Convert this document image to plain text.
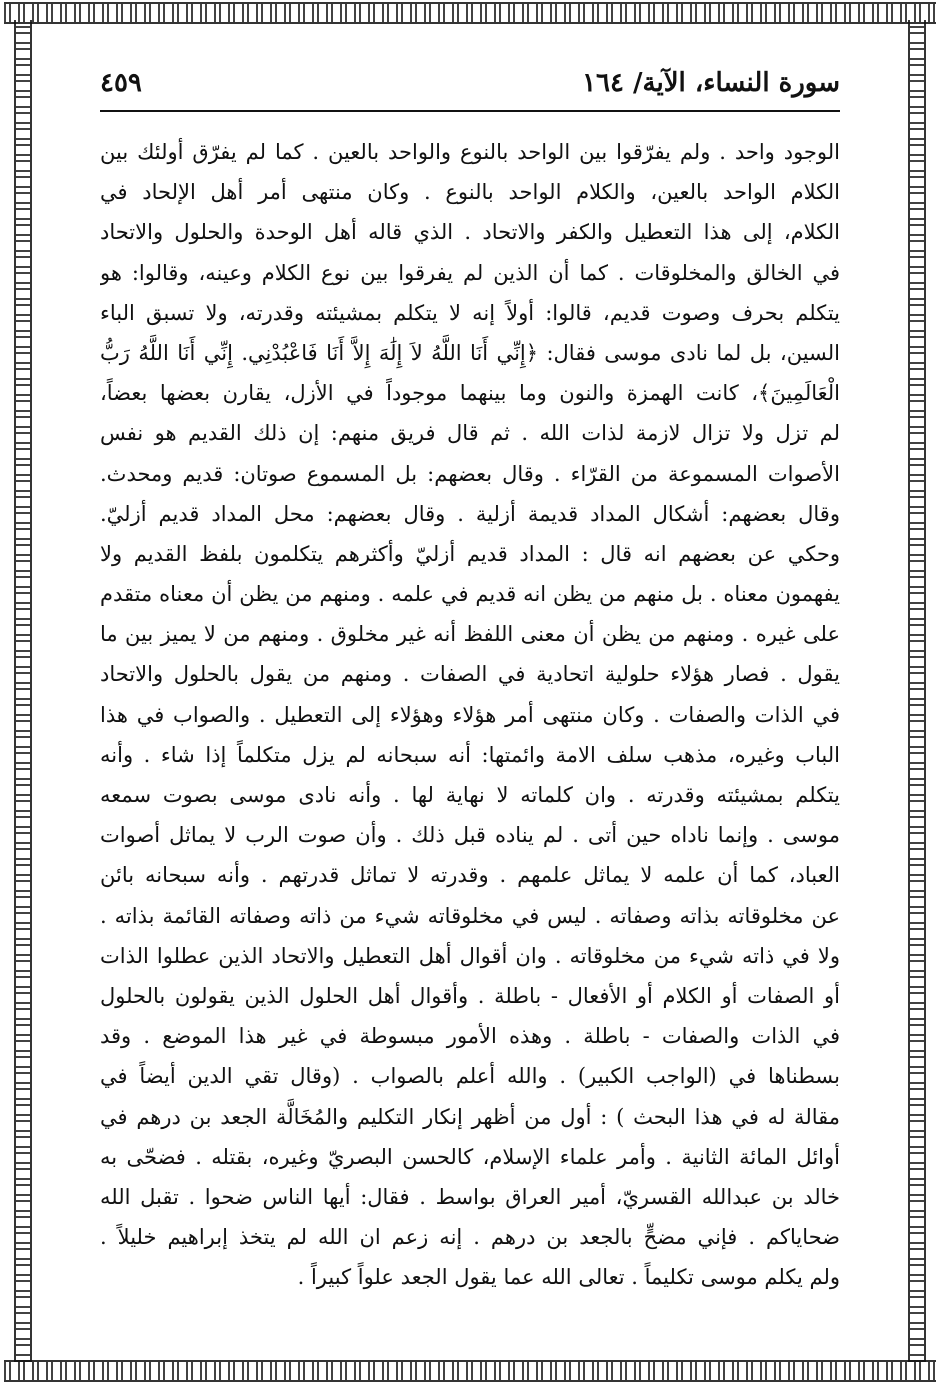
سورة النساء، الآية/ ١٦٤
٤٥٩
الوجود واحد . ولم يفرّقوا بين الواحد بالنوع والواحد بالعين . كما لم يفرّق أولئك بين
الكلام الواحد بالعين، والكلام الواحد بالنوع . وكان منتهى أمر أهل الإلحاد في
الكلام، إلى هذا التعطيل والكفر والاتحاد . الذي قاله أهل الوحدة والحلول والاتحاد
في الخالق والمخلوقات . كما أن الذين لم يفرقوا بين نوع الكلام وعينه، وقالوا: هو
يتكلم بحرف وصوت قديم، قالوا: أولاً إنه لا يتكلم بمشيئته وقدرته، ولا تسبق الباء
السين، بل لما نادى موسى فقال: ﴿إِنِّي أَنَا اللَّهُ لاَ إِلَٰهَ إِلاَّ أَنَا فَاعْبُدْنِي. إِنِّي أَنَا اللَّهُ رَبُّ
الْعَالَمِينَ﴾، كانت الهمزة والنون وما بينهما موجوداً في الأزل، يقارن بعضها بعضاً،
لم تزل ولا تزال لازمة لذات الله . ثم قال فريق منهم: إن ذلك القديم هو نفس
الأصوات المسموعة من القرّاء . وقال بعضهم: بل المسموع صوتان: قديم ومحدث.
وقال بعضهم: أشكال المداد قديمة أزلية . وقال بعضهم: محل المداد قديم أزليّ.
وحكي عن بعضهم انه قال : المداد قديم أزليّ وأكثرهم يتكلمون بلفظ القديم ولا
يفهمون معناه . بل منهم من يظن انه قديم في علمه . ومنهم من يظن أن معناه متقدم
على غيره . ومنهم من يظن أن معنى اللفظ أنه غير مخلوق . ومنهم من لا يميز بين ما
يقول . فصار هؤلاء حلولية اتحادية في الصفات . ومنهم من يقول بالحلول والاتحاد
في الذات والصفات . وكان منتهى أمر هؤلاء وهؤلاء إلى التعطيل . والصواب في هذا
الباب وغيره، مذهب سلف الامة وائمتها: أنه سبحانه لم يزل متكلماً إذا شاء . وأنه
يتكلم بمشيئته وقدرته . وان كلماته لا نهاية لها . وأنه نادى موسى بصوت سمعه
موسى . وإنما ناداه حين أتى . لم يناده قبل ذلك . وأن صوت الرب لا يماثل أصوات
العباد، كما أن علمه لا يماثل علمهم . وقدرته لا تماثل قدرتهم . وأنه سبحانه بائن
عن مخلوقاته بذاته وصفاته . ليس في مخلوقاته شيء من ذاته وصفاته القائمة بذاته .
ولا في ذاته شيء من مخلوقاته . وان أقوال أهل التعطيل والاتحاد الذين عطلوا الذات
أو الصفات أو الكلام أو الأفعال - باطلة . وأقوال أهل الحلول الذين يقولون بالحلول
في الذات والصفات - باطلة . وهذه الأمور مبسوطة في غير هذا الموضع . وقد
بسطناها في (الواجب الكبير) . والله أعلم بالصواب . (وقال تقي الدين أيضاً في
مقالة له في هذا البحث ) : أول من أظهر إنكار التكليم والمُخَالَّة الجعد بن درهم في
أوائل المائة الثانية . وأمر علماء الإسلام، كالحسن البصريّ وغيره، بقتله . فضحّى به
خالد بن عبدالله القسريّ، أمير العراق بواسط . فقال: أيها الناس ضحوا . تقبل الله
ضحاياكم . فإني مضحٍّ بالجعد بن درهم . إنه زعم ان الله لم يتخذ إبراهيم خليلاً .
ولم يكلم موسى تكليماً . تعالى الله عما يقول الجعد علواً كبيراً .
